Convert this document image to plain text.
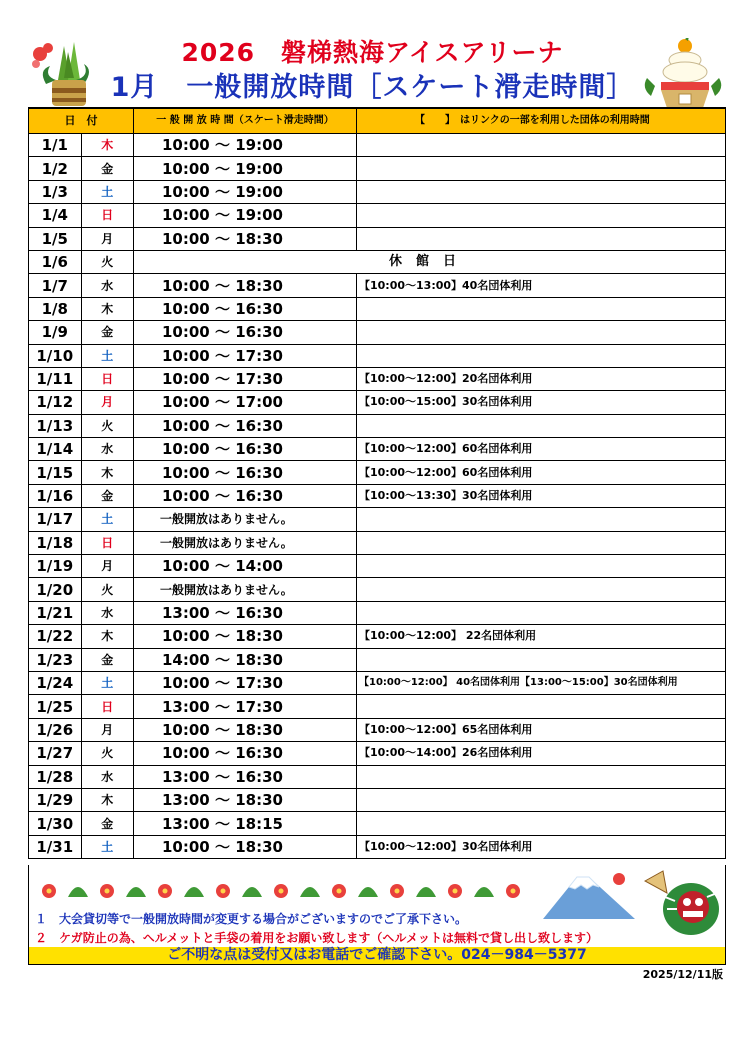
2026　磐梯熱海アイスアリーナ
1月　一般開放時間［スケート滑走時間］
日　付		一 般 開 放 時 間（スケート滑走時間）	【　　】　はリンクの一部を利用した団体の利用時間
1/1	木	10:00 ～ 19:00	
1/2	金	10:00 ～ 19:00	
1/3	土	10:00 ～ 19:00	
1/4	日	10:00 ～ 19:00	
1/5	月	10:00 ～ 18:30	
1/6	火	休館日	
1/7	水	10:00 ～ 18:30	【10:00～13:00】40名団体利用
1/8	木	10:00 ～ 16:30	
1/9	金	10:00 ～ 16:30	
1/10	土	10:00 ～ 17:30	
1/11	日	10:00 ～ 17:30	【10:00～12:00】20名団体利用
1/12	月	10:00 ～ 17:00	【10:00～15:00】30名団体利用
1/13	火	10:00 ～ 16:30	
1/14	水	10:00 ～ 16:30	【10:00～12:00】60名団体利用
1/15	木	10:00 ～ 16:30	【10:00～12:00】60名団体利用
1/16	金	10:00 ～ 16:30	【10:00～13:30】30名団体利用
1/17	土	一般開放はありません。	
1/18	日	一般開放はありません。	
1/19	月	10:00 ～ 14:00	
1/20	火	一般開放はありません。	
1/21	水	13:00 ～ 16:30	
1/22	木	10:00 ～ 18:30	【10:00～12:00】 22名団体利用
1/23	金	14:00 ～ 18:30	
1/24	土	10:00 ～ 17:30	【10:00～12:00】 40名団体利用【13:00～15:00】30名団体利用
1/25	日	13:00 ～ 17:30	
1/26	月	10:00 ～ 18:30	【10:00～12:00】65名団体利用
1/27	火	10:00 ～ 16:30	【10:00～14:00】26名団体利用
1/28	水	13:00 ～ 16:30	
1/29	木	13:00 ～ 18:30	
1/30	金	13:00 ～ 18:15	
1/31	土	10:00 ～ 18:30	【10:00～12:00】30名団体利用
１　大会貸切等で一般開放時間が変更する場合がございますのでご了承下さい。
２　ケガ防止の為、ヘルメットと手袋の着用をお願い致します（ヘルメットは無料で貸し出し致します）
ご不明な点は受付又はお電話でご確認下さい。024－984－5377
2025/12/11版
